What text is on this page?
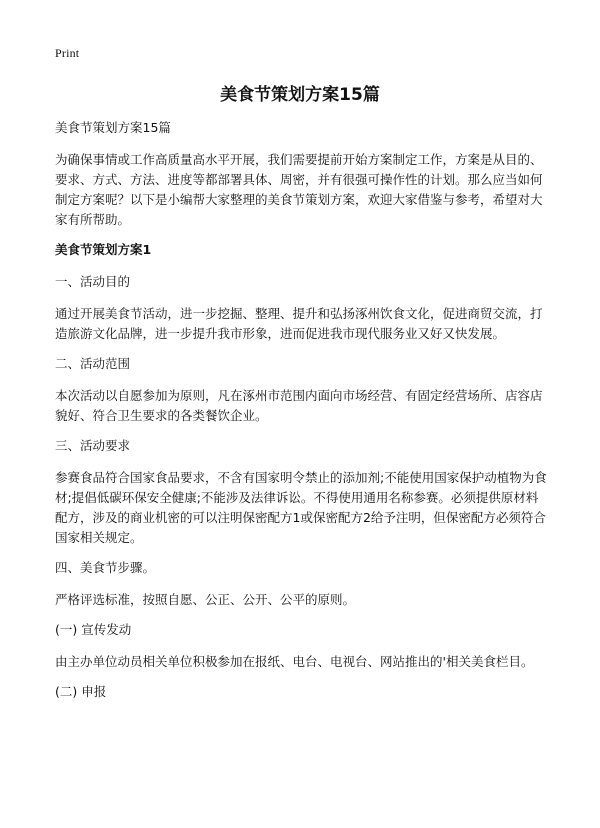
Print
美食节策划方案15篇

美食节策划方案15篇

为确保事情或工作高质量高水平开展，我们需要提前开始方案制定工作，方案是从目的、要求、方式、方法、进度等都部署具体、周密，并有很强可操作性的计划。那么应当如何制定方案呢？以下是小编帮大家整理的美食节策划方案，欢迎大家借鉴与参考，希望对大家有所帮助。

美食节策划方案1

一、活动目的

通过开展美食节活动，进一步挖掘、整理、提升和弘扬涿州饮食文化，促进商贸交流，打造旅游文化品牌，进一步提升我市形象，进而促进我市现代服务业又好又快发展。

二、活动范围

本次活动以自愿参加为原则，凡在涿州市范围内面向市场经营、有固定经营场所、店容店貌好、符合卫生要求的各类餐饮企业。

三、活动要求

参赛食品符合国家食品要求，不含有国家明令禁止的添加剂;不能使用国家保护动植物为食材;提倡低碳环保安全健康;不能涉及法律诉讼。不得使用通用名称参赛。必须提供原材料配方，涉及的商业机密的可以注明保密配方1或保密配方2给予注明，但保密配方必须符合国家相关规定。

四、美食节步骤。

严格评选标准，按照自愿、公正、公开、公平的原则。

(一) 宣传发动

由主办单位动员相关单位积极参加在报纸、电台、电视台、网站推出的'相关美食栏目。

(二) 申报
